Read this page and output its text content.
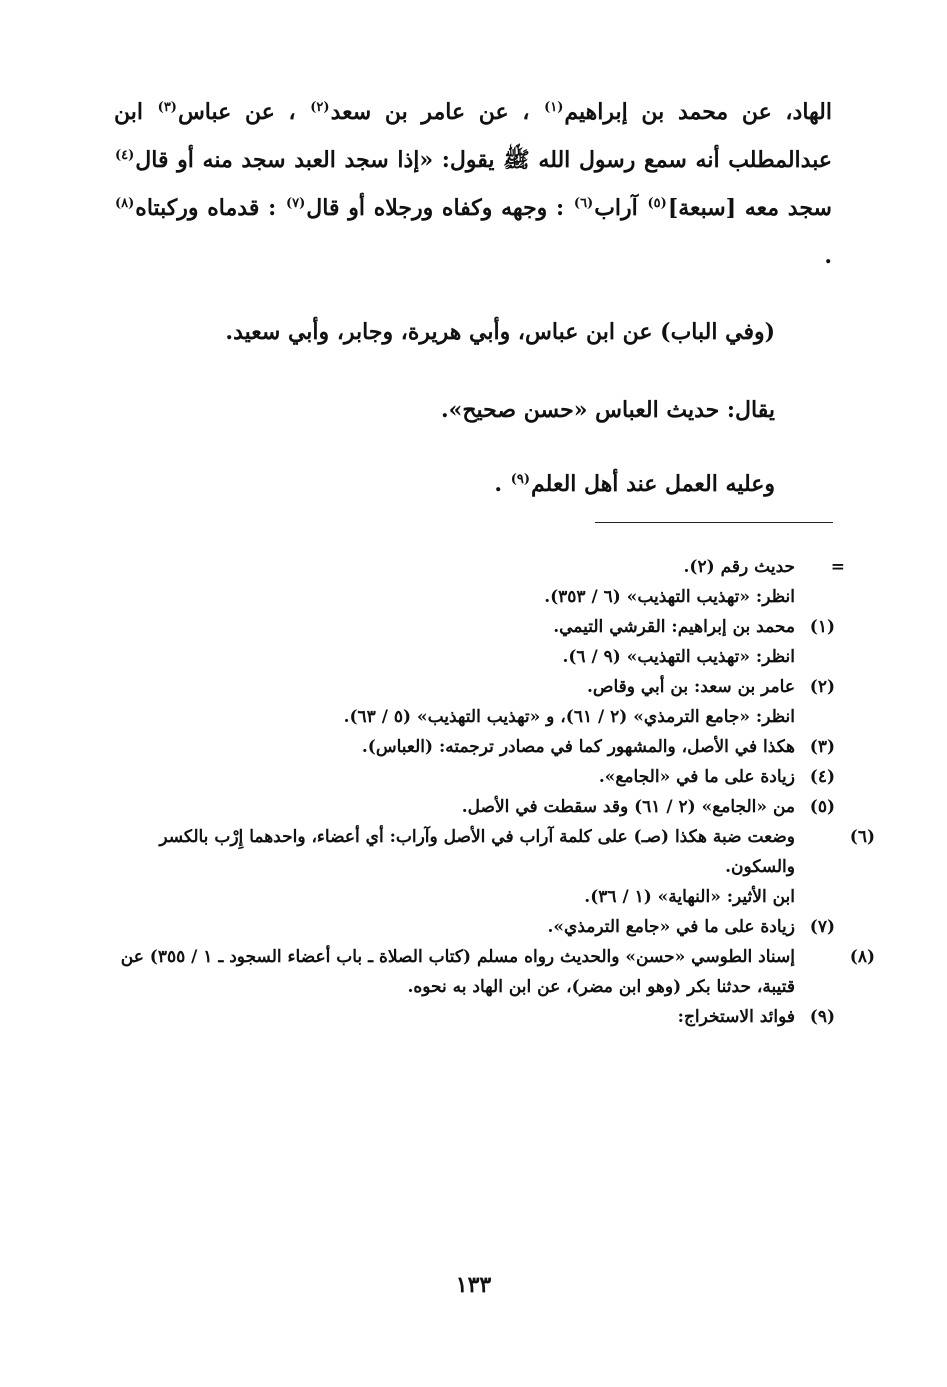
الهاد، عن محمد بن إبراهيم$^{(١)}$ ، عن عامر بن سعد$^{(٢)}$ ، عن عباس$^{(٣)}$ ابن عبدالمطلب أنه سمع رسول الله ﷺ يقول: «إذا سجد العبد سجد منه أو قال$^{(٤)}$ سجد معه [سبعة]$^{(٥)}$ آراب$^{(٦)}$ : وجهه وكفاه ورجلاه أو قال$^{(٧)}$ : قدماه وركبتاه$^{(٨)}$ .

(وفي الباب) عن ابن عباس، وأبي هريرة، وجابر، وأبي سعيد.

يقال: حديث العباس «حسن صحيح».

وعليه العمل عند أهل العلم$^{(٩)}$ .

=
حديث رقم (٢).

انظر: «تهذيب التهذيب» (٦ / ٣٥٣).

(١)محمد بن إبراهيم: القرشي التيمي.

انظر: «تهذيب التهذيب» (٩ / ٦).

(٢)عامر بن سعد: بن أبي وقاص.

انظر: «جامع الترمذي» (٢ / ٦١)، و «تهذيب التهذيب» (٥ / ٦٣).

(٣)هكذا في الأصل، والمشهور كما في مصادر ترجمته: (العباس).

(٤)زيادة على ما في «الجامع».

(٥)من «الجامع» (٢ / ٦١) وقد سقطت في الأصل.

(٦)وضعت ضبة هكذا (صـ) على كلمة آراب في الأصل وآراب: أي أعضاء، واحدهما إِرْب بالكسر والسكون.

ابن الأثير: «النهاية» (١ / ٣٦).

(٧)زيادة على ما في «جامع الترمذي».

(٨)إسناد الطوسي «حسن» والحديث رواه مسلم (كتاب الصلاة ـ باب أعضاء السجود ـ ١ / ٣٥٥) عن قتيبة، حدثنا بكر (وهو ابن مضر)، عن ابن الهاد به نحوه.

(٩)فوائد الاستخراج:

١٣٣
